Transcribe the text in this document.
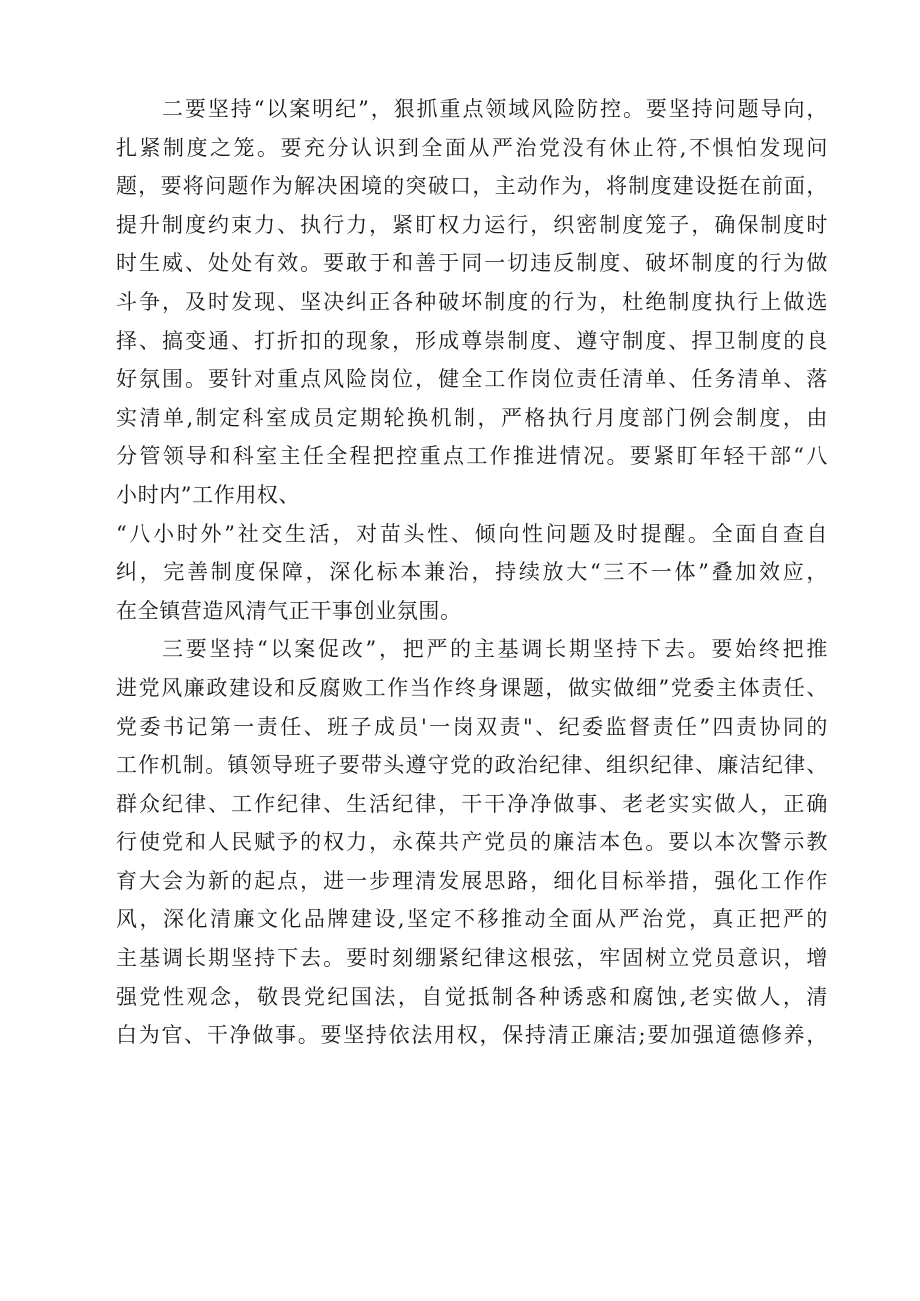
二要坚持“以案明纪”，狠抓重点领域风险防控。要坚持问题导向，
扎紧制度之笼。要充分认识到全面从严治党没有休止符,不惧怕发现问
题，要将问题作为解决困境的突破口，主动作为，将制度建设挺在前面，
提升制度约束力、执行力，紧盯权力运行，织密制度笼子，确保制度时
时生威、处处有效。要敢于和善于同一切违反制度、破坏制度的行为做
斗争，及时发现、坚决纠正各种破坏制度的行为，杜绝制度执行上做选
择、搞变通、打折扣的现象，形成尊崇制度、遵守制度、捍卫制度的良
好氛围。要针对重点风险岗位，健全工作岗位责任清单、任务清单、落
实清单,制定科室成员定期轮换机制，严格执行月度部门例会制度，由
分管领导和科室主任全程把控重点工作推进情况。要紧盯年轻干部“八
小时内”工作用权、
“八小时外”社交生活，对苗头性、倾向性问题及时提醒。全面自查自
纠，完善制度保障，深化标本兼治，持续放大“三不一体”叠加效应，
在全镇营造风清气正干事创业氛围。
三要坚持“以案促改”，把严的主基调长期坚持下去。要始终把推
进党风廉政建设和反腐败工作当作终身课题，做实做细”党委主体责任、
党委书记第一责任、班子成员'一岗双责"、纪委监督责任”四责协同的
工作机制。镇领导班子要带头遵守党的政治纪律、组织纪律、廉洁纪律、
群众纪律、工作纪律、生活纪律，干干净净做事、老老实实做人，正确
行使党和人民赋予的权力，永葆共产党员的廉洁本色。要以本次警示教
育大会为新的起点，进一步理清发展思路，细化目标举措，强化工作作
风，深化清廉文化品牌建设,坚定不移推动全面从严治党，真正把严的
主基调长期坚持下去。要时刻绷紧纪律这根弦，牢固树立党员意识，增
强党性观念，敬畏党纪国法，自觉抵制各种诱惑和腐蚀,老实做人，清
白为官、干净做事。要坚持依法用权，保持清正廉洁;要加强道德修养，
